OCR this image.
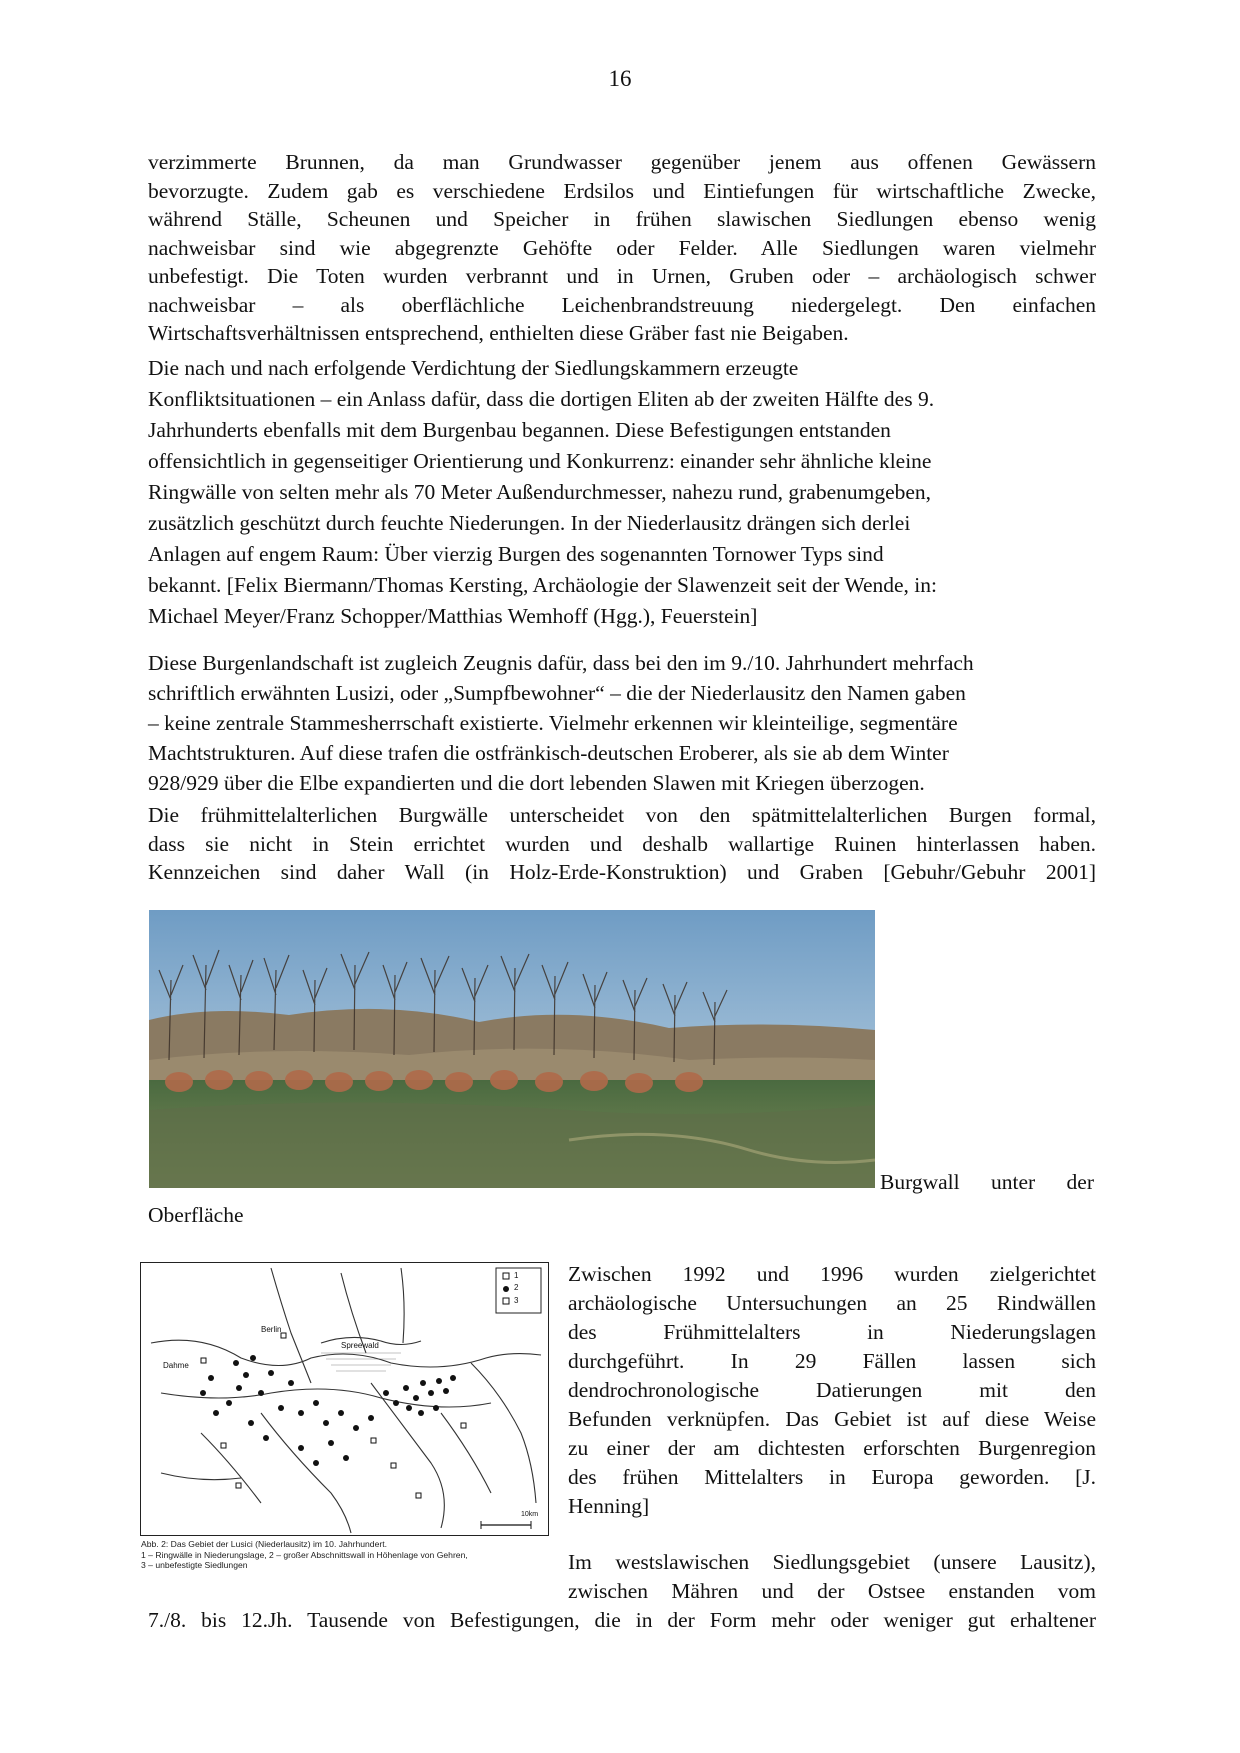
16
verzimmerte Brunnen, da man Grundwasser gegenüber jenem aus offenen Gewässern
bevorzugte. Zudem gab es verschiedene Erdsilos und Eintiefungen für wirtschaftliche Zwecke,
während Ställe, Scheunen und Speicher in frühen slawischen Siedlungen ebenso wenig
nachweisbar sind wie abgegrenzte Gehöfte oder Felder. Alle Siedlungen waren vielmehr
unbefestigt. Die Toten wurden verbrannt und in Urnen, Gruben oder – archäologisch schwer
nachweisbar – als oberflächliche Leichenbrandstreuung niedergelegt. Den einfachen
Wirtschaftsverhältnissen entsprechend, enthielten diese Gräber fast nie Beigaben.
Die nach und nach erfolgende Verdichtung der Siedlungskammern erzeugte
Konfliktsituationen – ein Anlass dafür, dass die dortigen Eliten ab der zweiten Hälfte des 9.
Jahrhunderts ebenfalls mit dem Burgenbau begannen. Diese Befestigungen entstanden
offensichtlich in gegenseitiger Orientierung und Konkurrenz: einander sehr ähnliche kleine
Ringwälle von selten mehr als 70 Meter Außendurchmesser, nahezu rund, grabenumgeben,
zusätzlich geschützt durch feuchte Niederungen. In der Niederlausitz drängen sich derlei
Anlagen auf engem Raum: Über vierzig Burgen des sogenannten Tornower Typs sind
bekannt. [Felix Biermann/Thomas Kersting, Archäologie der Slawenzeit seit der Wende, in:
Michael Meyer/Franz Schopper/Matthias Wemhoff (Hgg.), Feuerstein]
Diese Burgenlandschaft ist zugleich Zeugnis dafür, dass bei den im 9./10. Jahrhundert mehrfach
schriftlich erwähnten Lusizi, oder „Sumpfbewohner“ – die der Niederlausitz den Namen gaben
– keine zentrale Stammesherrschaft existierte. Vielmehr erkennen wir kleinteilige, segmentäre
Machtstrukturen. Auf diese trafen die ostfränkisch-deutschen Eroberer, als sie ab dem Winter
928/929 über die Elbe expandierten und die dort lebenden Slawen mit Kriegen überzogen.
Die frühmittelalterlichen Burgwälle unterscheidet von den spätmittelalterlichen Burgen formal,
dass sie nicht in Stein errichtet wurden und deshalb wallartige Ruinen hinterlassen haben.
Kennzeichen sind daher Wall (in Holz-Erde-Konstruktion) und Graben [Gebuhr/Gebuhr 2001]
Burgwall unter der
Oberfläche
Berlin
Dahme
Spreewald
1
2
3
10km
Abb. 2: Das Gebiet der Lusici (Niederlausitz) im 10. Jahrhundert.
1 – Ringwälle in Niederungslage, 2 – großer Abschnittswall in Höhenlage von Gehren,
3 – unbefestigte Siedlungen
Zwischen 1992 und 1996 wurden zielgerichtet
archäologische Untersuchungen an 25 Rindwällen
des Frühmittelalters in Niederungslagen
durchgeführt. In 29 Fällen lassen sich
dendrochronologische Datierungen mit den
Befunden verknüpfen. Das Gebiet ist auf diese Weise
zu einer der am dichtesten erforschten Burgenregion
des frühen Mittelalters in Europa geworden. [J.
Henning]
Im westslawischen Siedlungsgebiet (unsere Lausitz),
zwischen Mähren und der Ostsee enstanden vom
7./8. bis 12.Jh. Tausende von Befestigungen, die in der Form mehr oder weniger gut erhaltener
